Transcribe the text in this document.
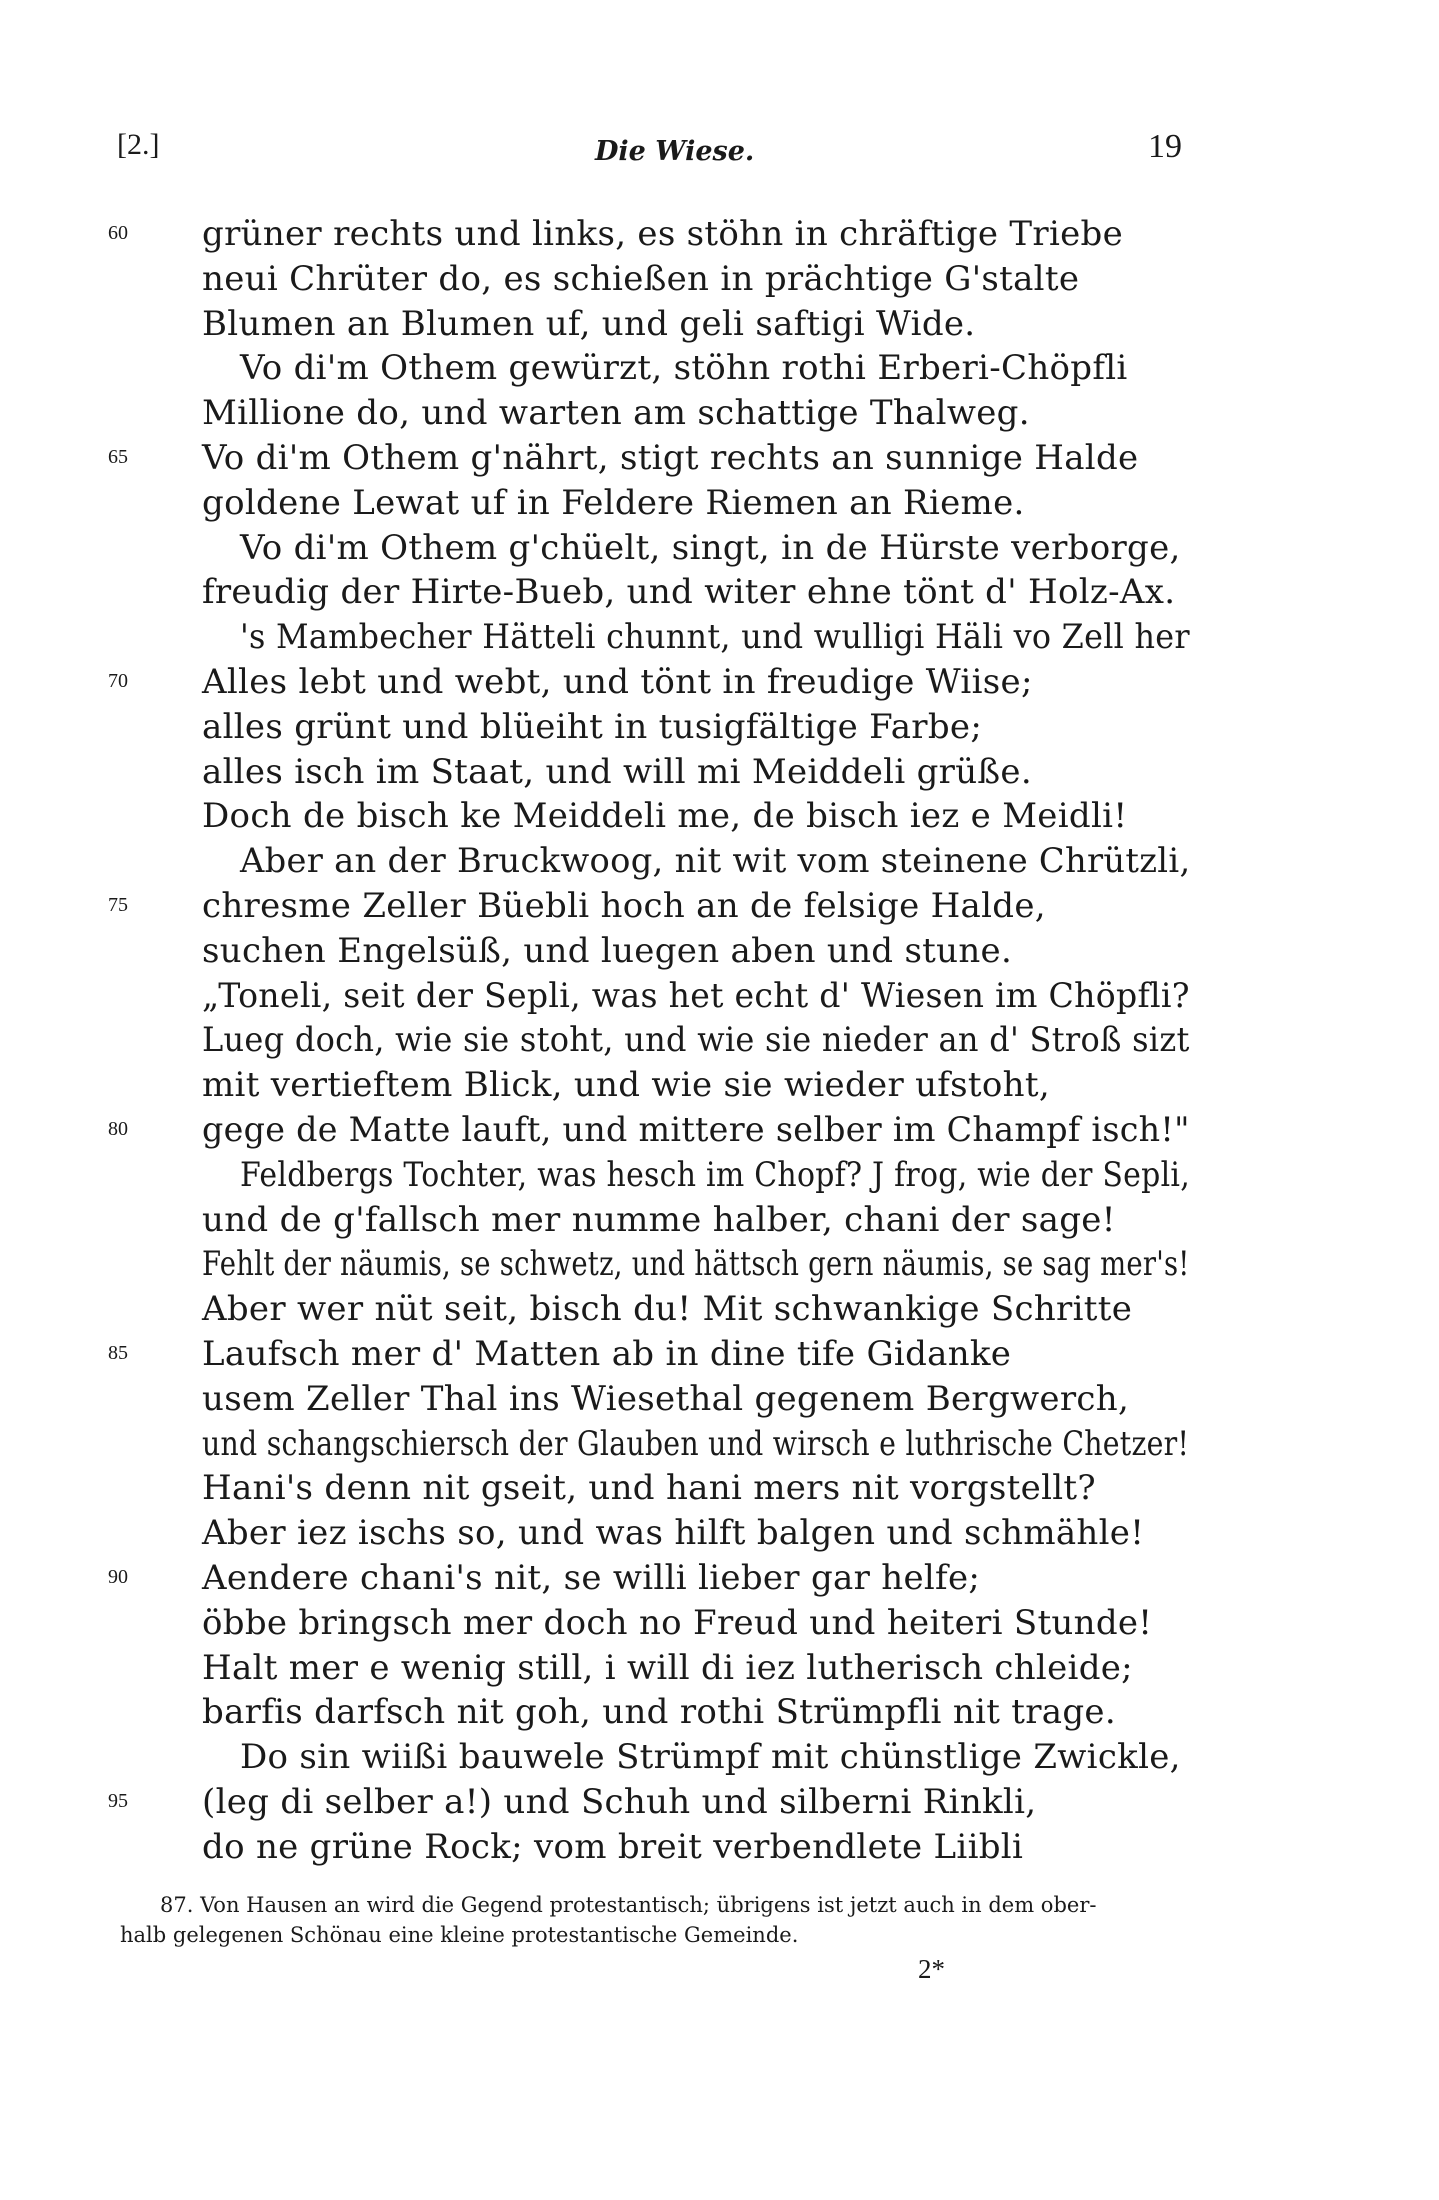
[2.]	Die Wiese.	19
60 grüner rechts und links, es stöhn in chräftige Triebe
neui Chrüter do, es schießen in prächtige G'stalte
Blumen an Blumen uf, und geli saftigi Wide.
Vo di'm Othem gewürzt, stöhn rothi Erberi-Chöpfli
Millione do, und warten am schattige Thalweg.
65 Vo di'm Othem g'nährt, stigt rechts an sunnige Halde
goldene Lewat uf in Feldere Riemen an Rieme.
Vo di'm Othem g'chüelt, singt, in de Hürste verborge,
freudig der Hirte-Bueb, und witer ehne tönt d' Holz-Ax.
's Mambecher Hätteli chunnt, und wulligi Häli vo Zell her
70 Alles lebt und webt, und tönt in freudige Wiise;
alles grünt und blüeiht in tusigfältige Farbe;
alles isch im Staat, und will mi Meiddeli grüße.
Doch de bisch ke Meiddeli me, de bisch iez e Meidli!
Aber an der Bruckwoog, nit wit vom steinene Chrützli,
75 chresme Zeller Büebli hoch an de felsige Halde,
suchen Engelsüß, und luegen aben und stune.
„Toneli, seit der Sepli, was het echt d' Wiesen im Chöpfli?
Lueg doch, wie sie stoht, und wie sie nieder an d' Stroß sizt
mit vertieftem Blick, und wie sie wieder ufstoht,
80 gege de Matte lauft, und mittere selber im Champf isch!"
Feldbergs Tochter, was hesch im Chopf? J frog, wie der Sepli,
und de g'fallsch mer numme halber, chani der sage!
Fehlt der näumis, se schwetz, und hättsch gern näumis, se sag mer's!
Aber wer nüt seit, bisch du! Mit schwankige Schritte
85 Laufsch mer d' Matten ab in dine tife Gidanke
usem Zeller Thal ins Wiesethal gegenem Bergwerch,
und schangschiersch der Glauben und wirsch e luthrische Chetzer!
Hani's denn nit gseit, und hani mers nit vorgstellt?
Aber iez ischs so, und was hilft balgen und schmähle!
90 Aendere chani's nit, se willi lieber gar helfe;
öbbe bringsch mer doch no Freud und heiteri Stunde!
Halt mer e wenig still, i will di iez lutherisch chleide;
barfis darfsch nit goh, und rothi Strümpfli nit trage.
Do sin wiißi bauwele Strümpf mit chünstlige Zwickle,
95 (leg di selber a!) und Schuh und silberni Rinkli,
do ne grüne Rock; vom breit verbendlete Liibli
87. Von Hausen an wird die Gegend protestantisch; übrigens ist jetzt auch in dem ober-
halb gelegenen Schönau eine kleine protestantische Gemeinde.
2*
